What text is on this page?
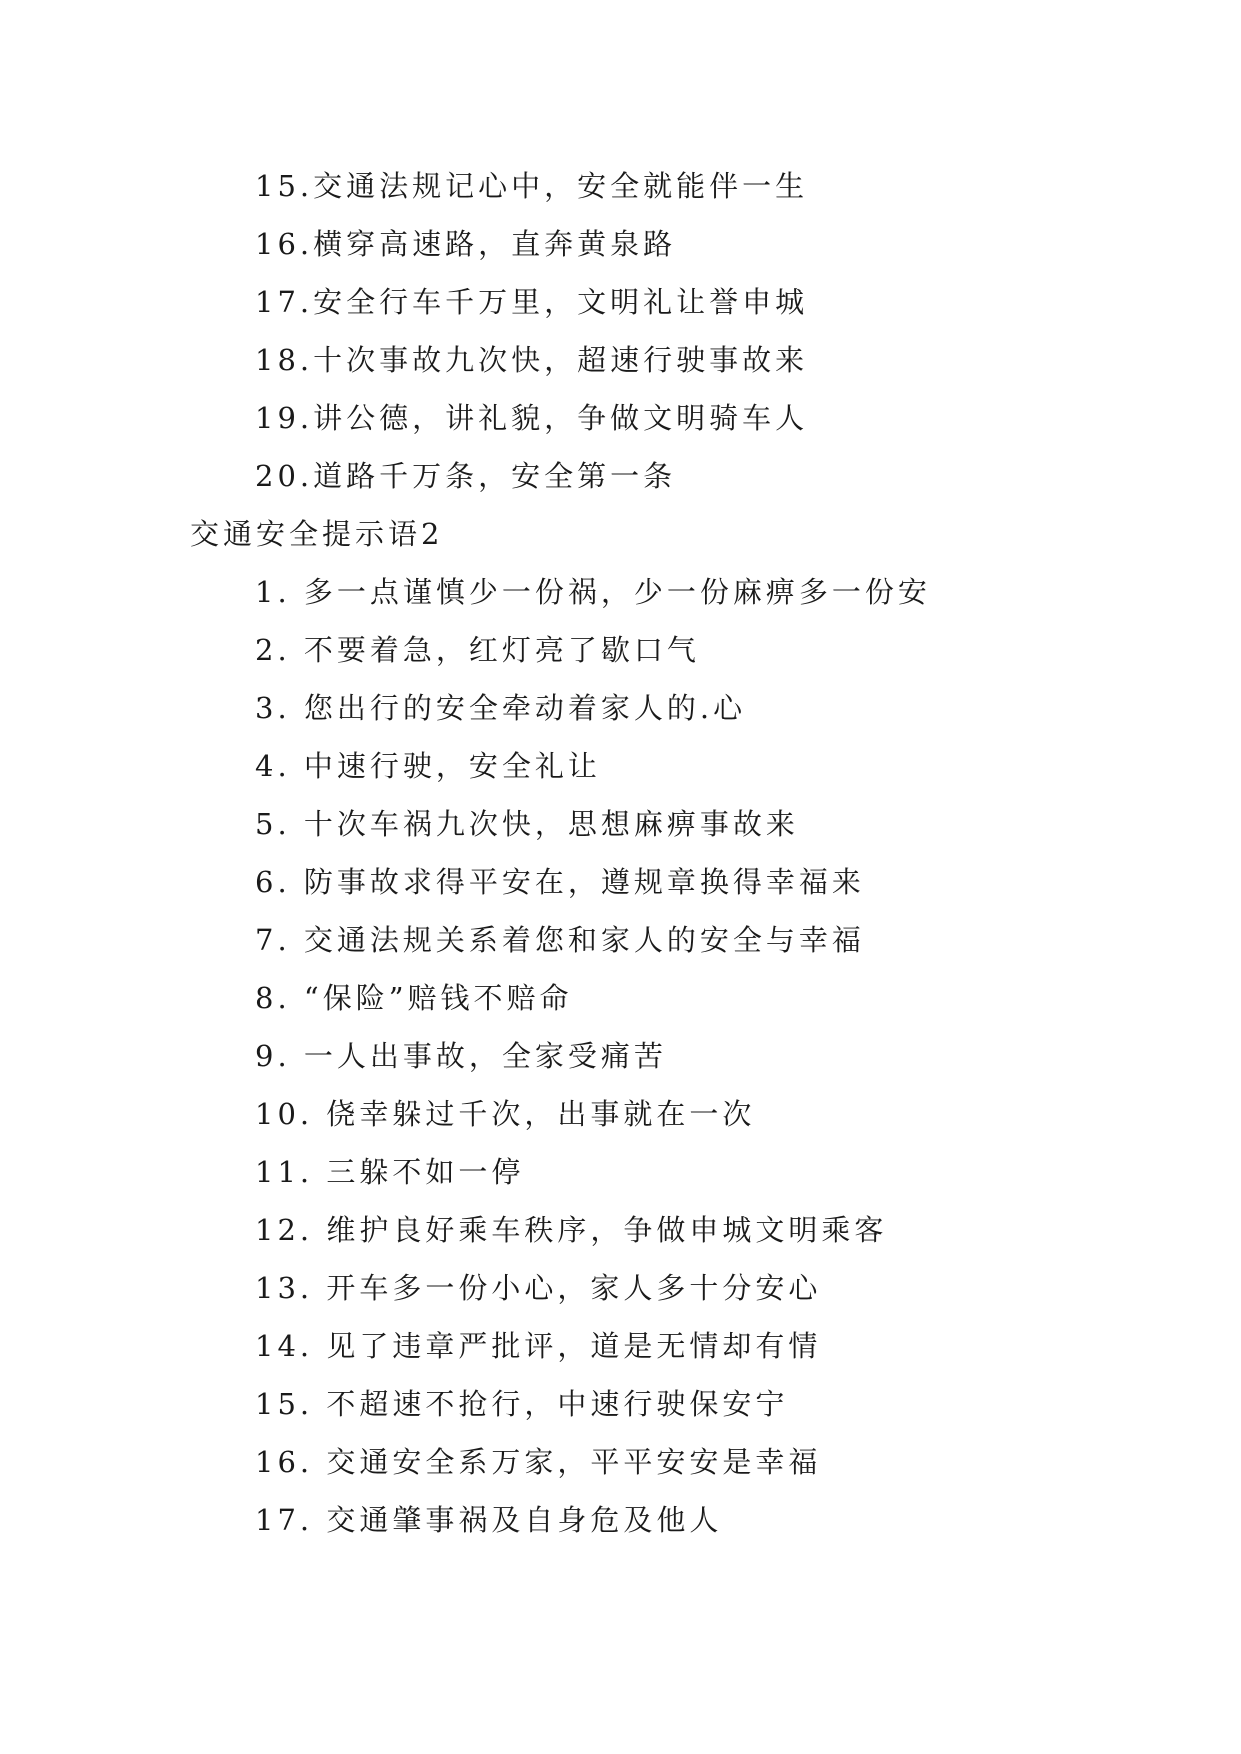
15.交通法规记心中，安全就能伴一生
16.横穿高速路，直奔黄泉路
17.安全行车千万里，文明礼让誉申城
18.十次事故九次快，超速行驶事故来
19.讲公德，讲礼貌，争做文明骑车人
20.道路千万条，安全第一条
交通安全提示语2
1. 多一点谨慎少一份祸，少一份麻痹多一份安
2. 不要着急，红灯亮了歇口气
3. 您出行的安全牵动着家人的.心
4. 中速行驶，安全礼让
5. 十次车祸九次快，思想麻痹事故来
6. 防事故求得平安在，遵规章换得幸福来
7. 交通法规关系着您和家人的安全与幸福
8. “保险”赔钱不赔命
9. 一人出事故，全家受痛苦
10. 侥幸躲过千次，出事就在一次
11. 三躲不如一停
12. 维护良好乘车秩序，争做申城文明乘客
13. 开车多一份小心，家人多十分安心
14. 见了违章严批评，道是无情却有情
15. 不超速不抢行，中速行驶保安宁
16. 交通安全系万家，平平安安是幸福
17. 交通肇事祸及自身危及他人
